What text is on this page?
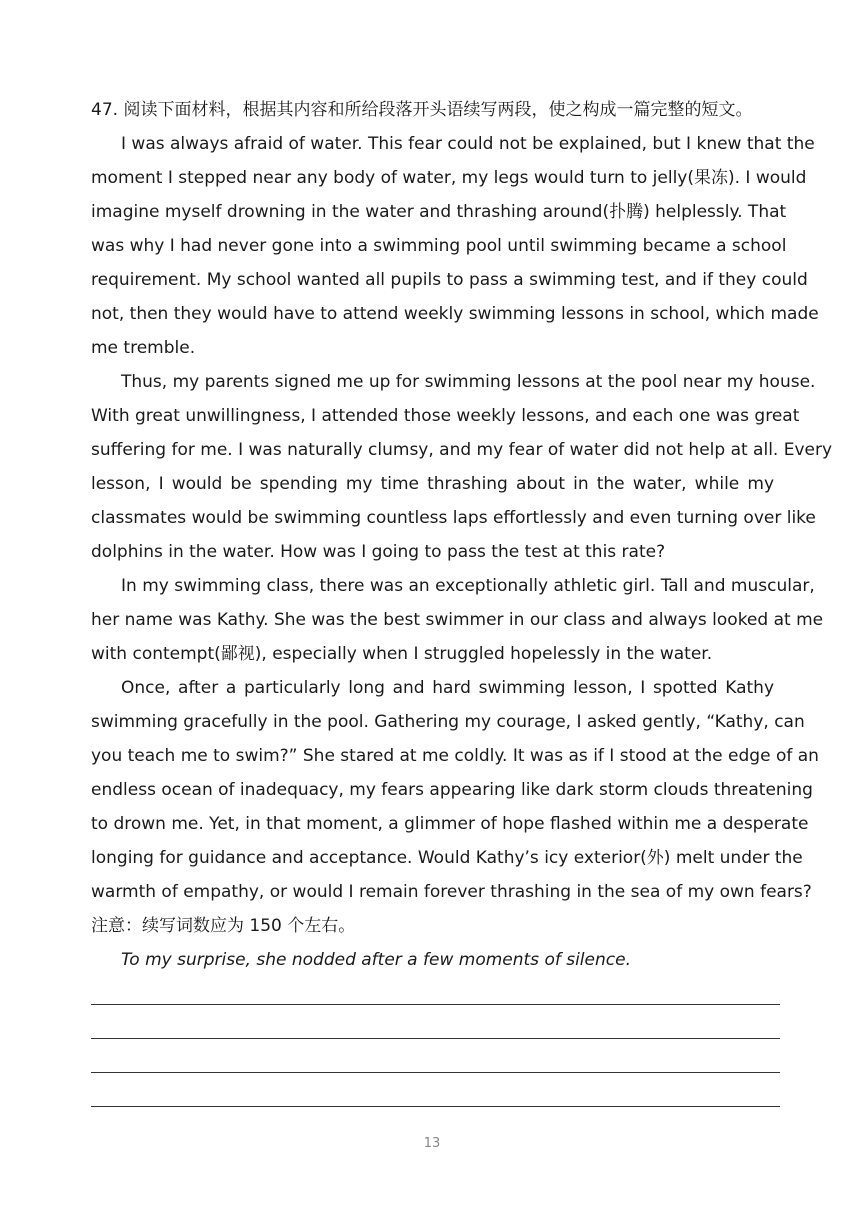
47. 阅读下面材料，根据其内容和所给段落开头语续写两段，使之构成一篇完整的短文。
I was always afraid of water. This fear could not be explained, but I knew that the
moment I stepped near any body of water, my legs would turn to jelly(果冻). I would
imagine myself drowning in the water and thrashing around(扑腾) helplessly. That
was why I had never gone into a swimming pool until swimming became a school
requirement. My school wanted all pupils to pass a swimming test, and if they could
not, then they would have to attend weekly swimming lessons in school, which made
me tremble.
Thus, my parents signed me up for swimming lessons at the pool near my house.
With great unwillingness, I attended those weekly lessons, and each one was great
suffering for me. I was naturally clumsy, and my fear of water did not help at all. Every
lesson, I would be spending my time thrashing about in the water, while my
classmates would be swimming countless laps effortlessly and even turning over like
dolphins in the water. How was I going to pass the test at this rate?
In my swimming class, there was an exceptionally athletic girl. Tall and muscular,
her name was Kathy. She was the best swimmer in our class and always looked at me
with contempt(鄙视), especially when I struggled hopelessly in the water.
Once, after a particularly long and hard swimming lesson, I spotted Kathy
swimming gracefully in the pool. Gathering my courage, I asked gently, “Kathy, can
you teach me to swim?” She stared at me coldly. It was as if I stood at the edge of an
endless ocean of inadequacy, my fears appearing like dark storm clouds threatening
to drown me. Yet, in that moment, a glimmer of hope flashed within me a desperate
longing for guidance and acceptance. Would Kathy’s icy exterior(外) melt under the
warmth of empathy, or would I remain forever thrashing in the sea of my own fears?
注意：续写词数应为 150 个左右。
To my surprise, she nodded after a few moments of silence.
13
